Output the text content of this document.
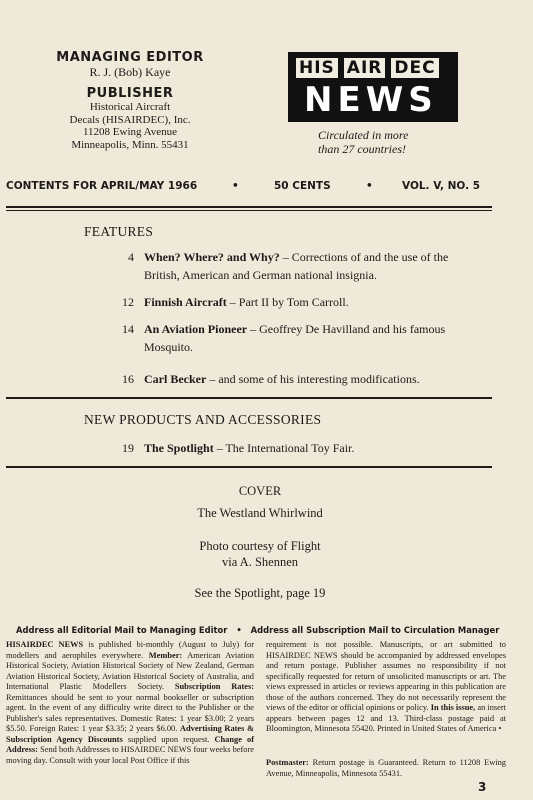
MANAGING EDITOR
R. J. (Bob) Kaye
PUBLISHER
Historical Aircraft
Decals (HISAIRDEC), Inc.
11208 Ewing Avenue
Minneapolis, Minn. 55431
HIS AIR DEC
N E W S
Circulated in more
than 27 countries!
CONTENTS FOR APRIL/MAY 1966	•	50 CENTS	•	VOL. V, NO. 5
FEATURES
4 When? Where? and Why? – Corrections of and the use of the British, American and German national insignia.
12 Finnish Aircraft – Part II by Tom Carroll.
14 An Aviation Pioneer – Geoffrey De Havilland and his famous Mosquito.
16 Carl Becker – and some of his interesting modifications.
NEW PRODUCTS AND ACCESSORIES
19 The Spotlight – The International Toy Fair.
COVER
The Westland Whirlwind
Photo courtesy of Flight
via A. Shennen
See the Spotlight, page 19
Address all Editorial Mail to Managing Editor • Address all Subscription Mail to Circulation Manager
HISAIRDEC NEWS is published bi-monthly (August to July) for modellers and aerophiles everywhere. Member: American Aviation Historical Society, Aviation Historical Society of New Zealand, German Aviation Historical Society, Aviation Historical Society of Australia, and International Plastic Modellers Society. Subscription Rates: Remittances should be sent to your normal bookseller or subscription agent. In the event of any difficulty write direct to the Publisher or the Publisher's sales representatives. Domestic Rates: 1 year $3.00; 2 years $5.50. Foreign Rates: 1 year $3.35; 2 years $6.00. Advertising Rates & Subscription Agency Discounts supplied upon request. Change of Address: Send both Addresses to HISAIRDEC NEWS four weeks before moving day. Consult with your local Post Office if this
requirement is not possible. Manuscripts, or art submitted to HISAIRDEC NEWS should be accompanied by addressed envelopes and return postage. Publisher assumes no responsibility if not specifically requested for return of unsolicited manuscripts or art. The views expressed in articles or reviews appearing in this publication are those of the authors concerned. They do not necessarily represent the views of the editor or official opinions or policy. In this issue, an insert appears between pages 12 and 13. Third-class postage paid at Bloomington, Minnesota 55420. Printed in United States of America •
Postmaster: Return postage is Guaranteed. Return to 11208 Ewing Avenue, Minneapolis, Minnesota 55431.
3
